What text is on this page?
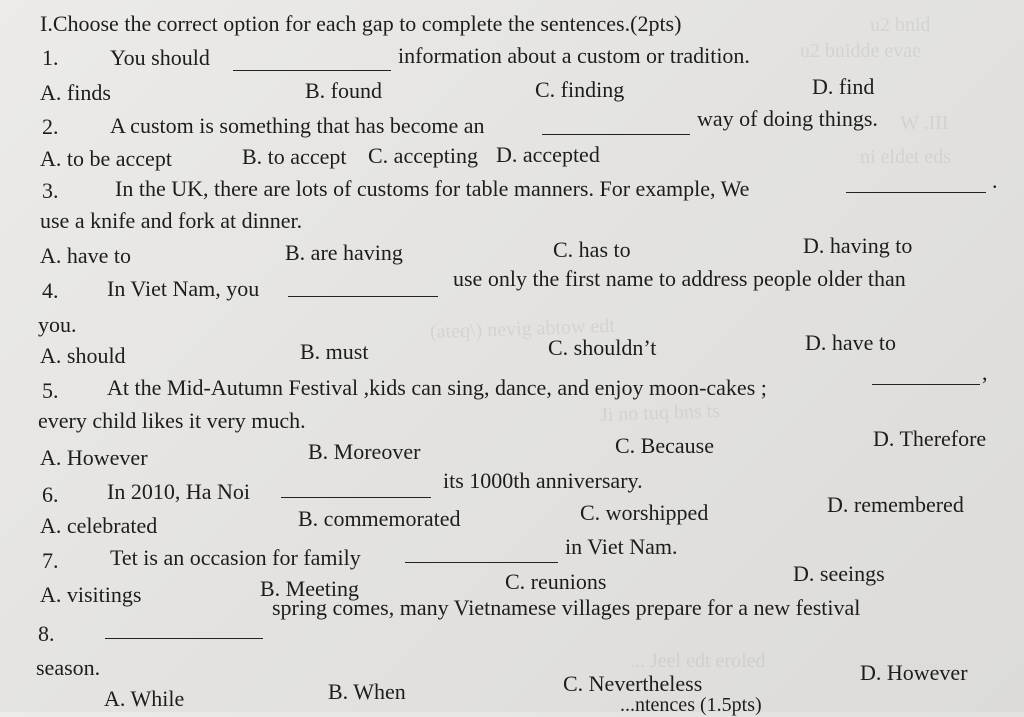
u2 bnid
u2 bnidde evae
W .III
ni eldet eds
(ateq\) nevig abtow edt
Ji no tuq bns ts
... Jeel edt eroled
I.Choose the correct option for each gap to complete the sentences.(2pts)
1. You should	information about a custom or tradition.
A. finds	B. found	C. finding	D. find
2. A custom is something that has become an	way of doing things.
A. to be accept	B. to accept C. accepting D. accepted
3.	In the UK, there are lots of customs for table manners. For example, We	.
use a knife and fork at dinner.
A. have to	B. are having	C. has to	D. having to
4. In Viet Nam, you	use only the first name to address people older than
you.
A. should	B. must	C. shouldn’t	D. have to
5. At the Mid-Autumn Festival ,kids can sing, dance, and enjoy moon-cakes ;
,
every child likes it very much.
A. However	B. Moreover	C. Because	D. Therefore
6. In 2010, Ha Noi	its 1000th anniversary.
A. celebrated	B. commemorated	C. worshipped	D. remembered
7. Tet is an occasion for family	in Viet Nam.
A. visitings	B. Meeting	C. reunions	D. seeings
8.
spring comes, many Vietnamese villages prepare for a new festival
season.
A. While	B. When	C. Nevertheless	D. However
...ntences (1.5pts)
